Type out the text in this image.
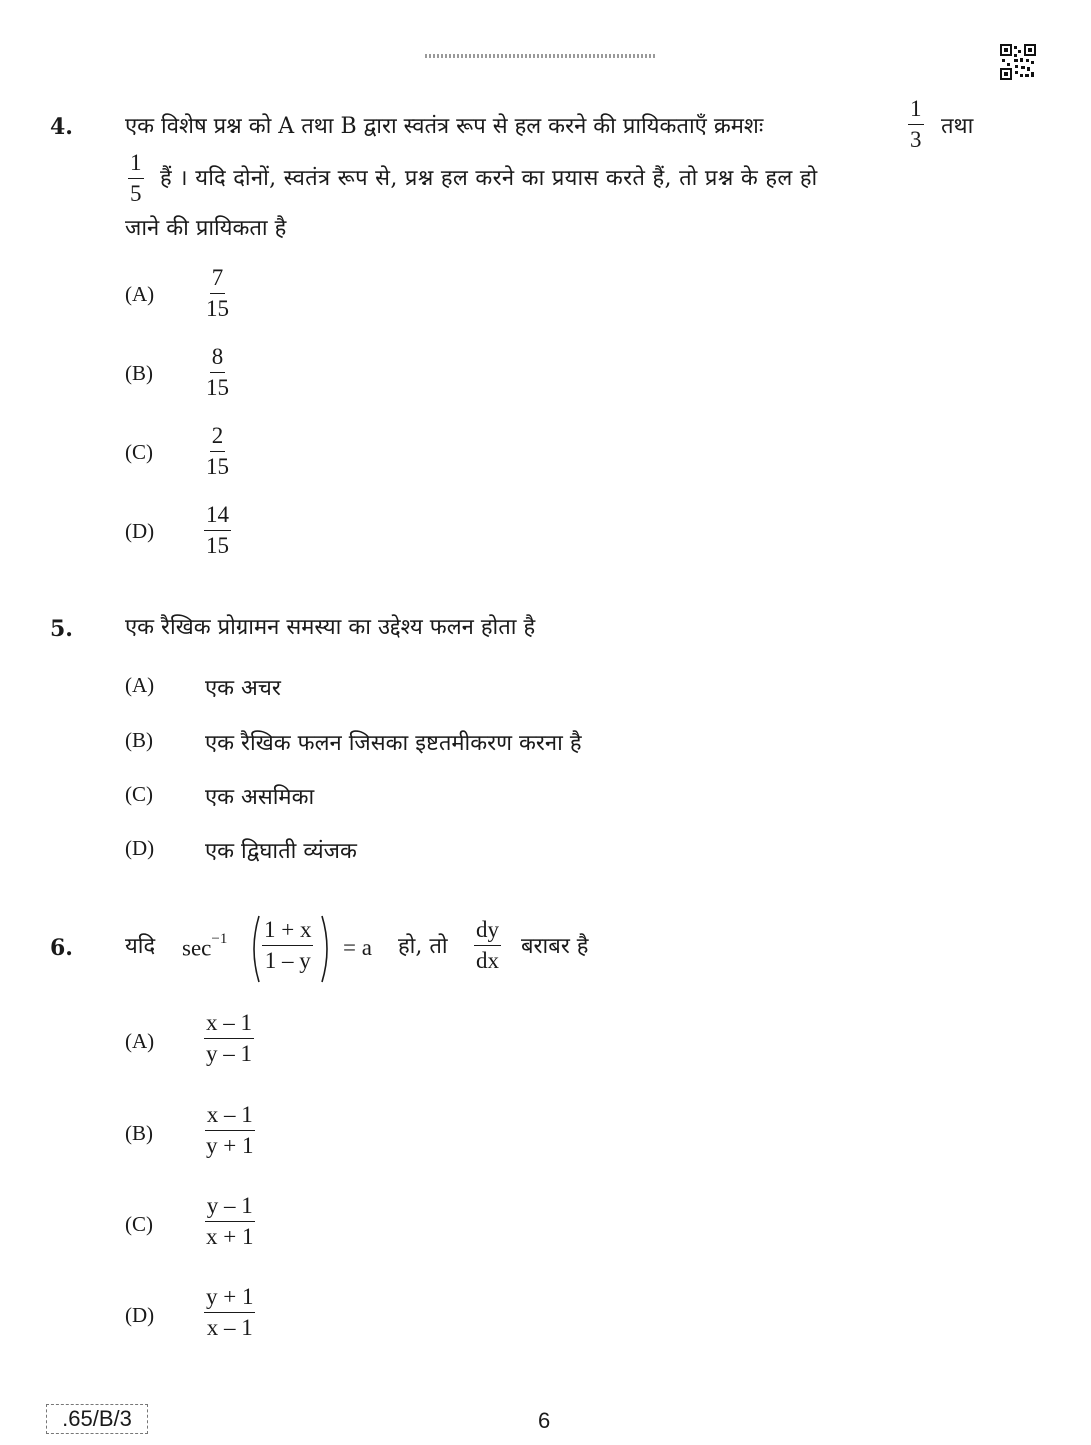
4. एक विशेष प्रश्न को A तथा B द्वारा स्वतंत्र रूप से हल करने की प्रायिकताएँ क्रमशः	$\frac{1}{3}$ तथा
$\frac{1}{5}$ हैं । यदि दोनों, स्वतंत्र रूप से, प्रश्न हल करने का प्रयास करते हैं, तो प्रश्न के हल हो
जाने की प्रायिकता है
$(A) \frac{7}{15}$
$(B) \frac{8}{15}$
$(C) \frac{2}{15}$
$(D) \frac{14}{15}$
5. एक रैखिक प्रोग्रामन समस्या का उद्देश्य फलन होता है
(A) एक अचर
(B) एक रैखिक फलन जिसका इष्टतमीकरण करना है
(C) एक असमिका
(D) एक द्विघाती व्यंजक
6. यदि $\sec^{-1} \frac{1 + x}{1 - y} = a$ हो, तो $\frac{dy}{dx}$ बराबर है
$(A) \frac{x - 1}{y - 1}$
$(B) \frac{x - 1}{y + 1}$
$(C) \frac{y - 1}{x + 1}$
$(D) \frac{y + 1}{x - 1}$
.65/B/3	6
